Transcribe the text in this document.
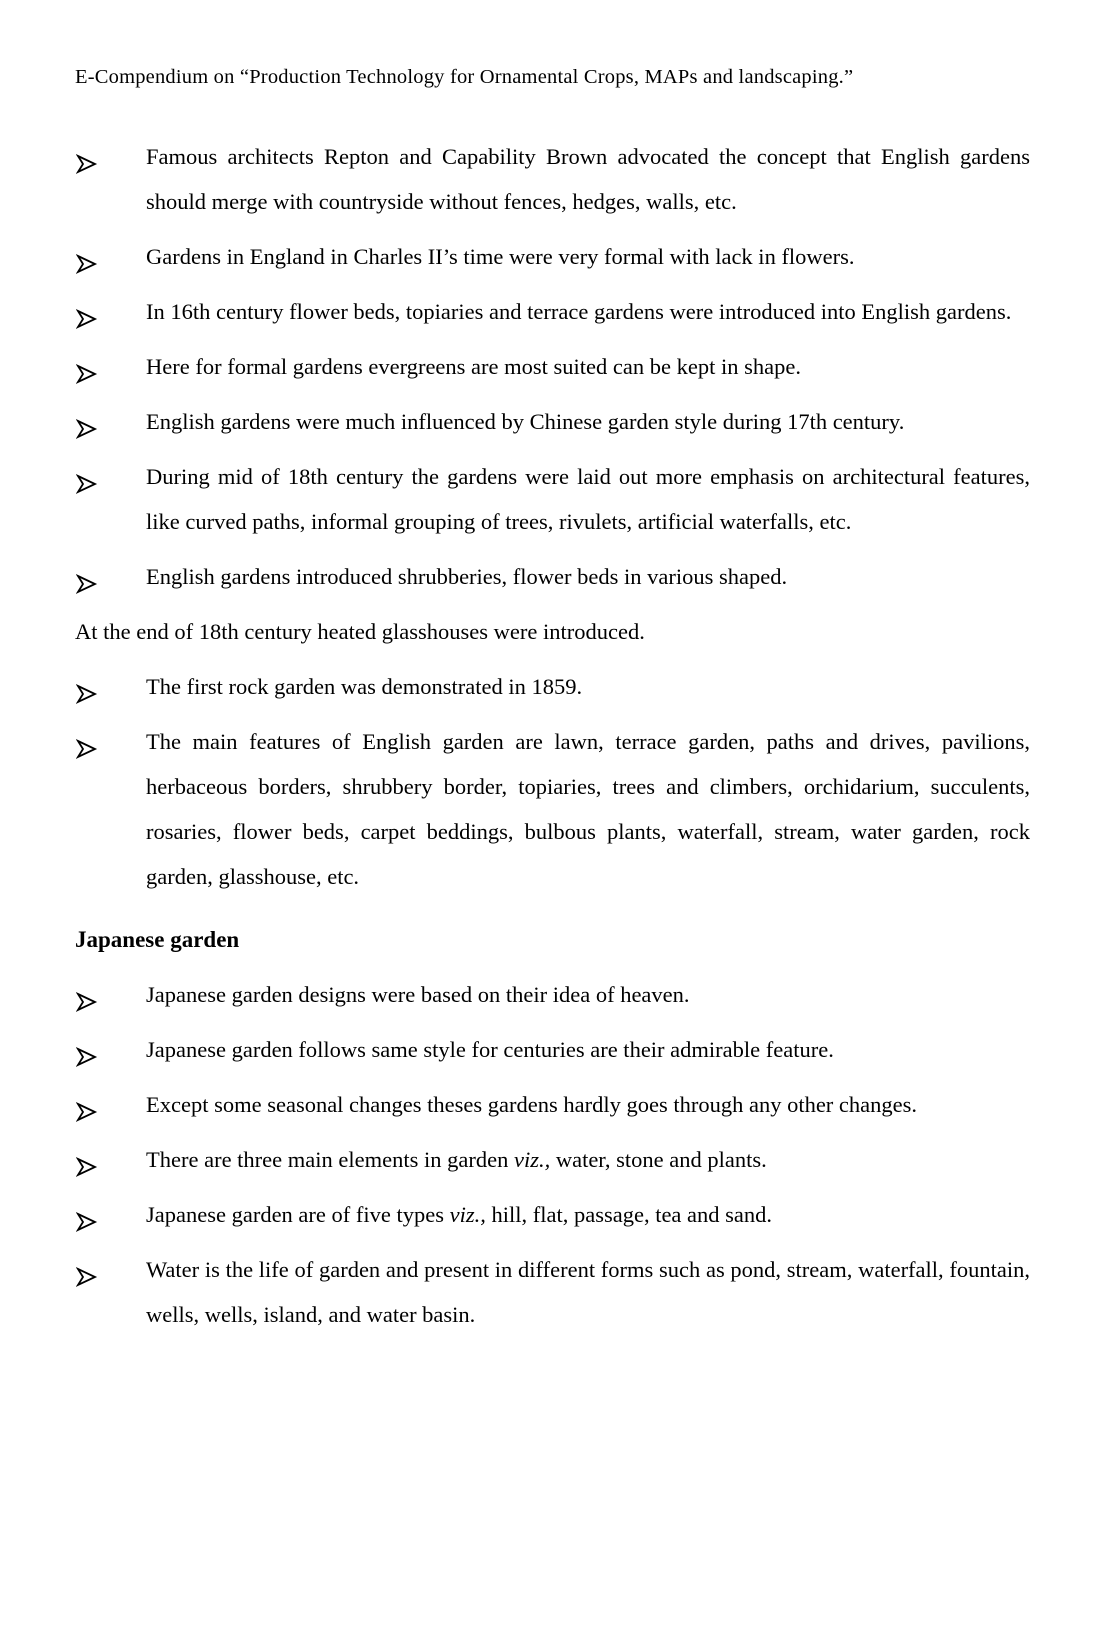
E-Compendium on “Production Technology for Ornamental Crops, MAPs and landscaping.”
Famous architects Repton and Capability Brown advocated the concept that English gardens should merge with countryside without fences, hedges, walls, etc.
Gardens in England in Charles II’s time were very formal with lack in flowers.
In 16th century flower beds, topiaries and terrace gardens were introduced into English gardens.
Here for formal gardens evergreens are most suited can be kept in shape.
English gardens were much influenced by Chinese garden style during 17th century.
During mid of 18th century the gardens were laid out more emphasis on architectural features, like curved paths, informal grouping of trees, rivulets, artificial waterfalls, etc.
English gardens introduced shrubberies, flower beds in various shaped.
At the end of 18th century heated glasshouses were introduced.
The first rock garden was demonstrated in 1859.
The main features of English garden are lawn, terrace garden, paths and drives, pavilions, herbaceous borders, shrubbery border, topiaries, trees and climbers, orchidarium, succulents, rosaries, flower beds, carpet beddings, bulbous plants, waterfall, stream, water garden, rock garden, glasshouse, etc.
Japanese garden
Japanese garden designs were based on their idea of heaven.
Japanese garden follows same style for centuries are their admirable feature.
Except some seasonal changes theses gardens hardly goes through any other changes.
There are three main elements in garden viz., water, stone and plants.
Japanese garden are of five types viz., hill, flat, passage, tea and sand.
Water is the life of garden and present in different forms such as pond, stream, waterfall, fountain, wells, wells, island, and water basin.
